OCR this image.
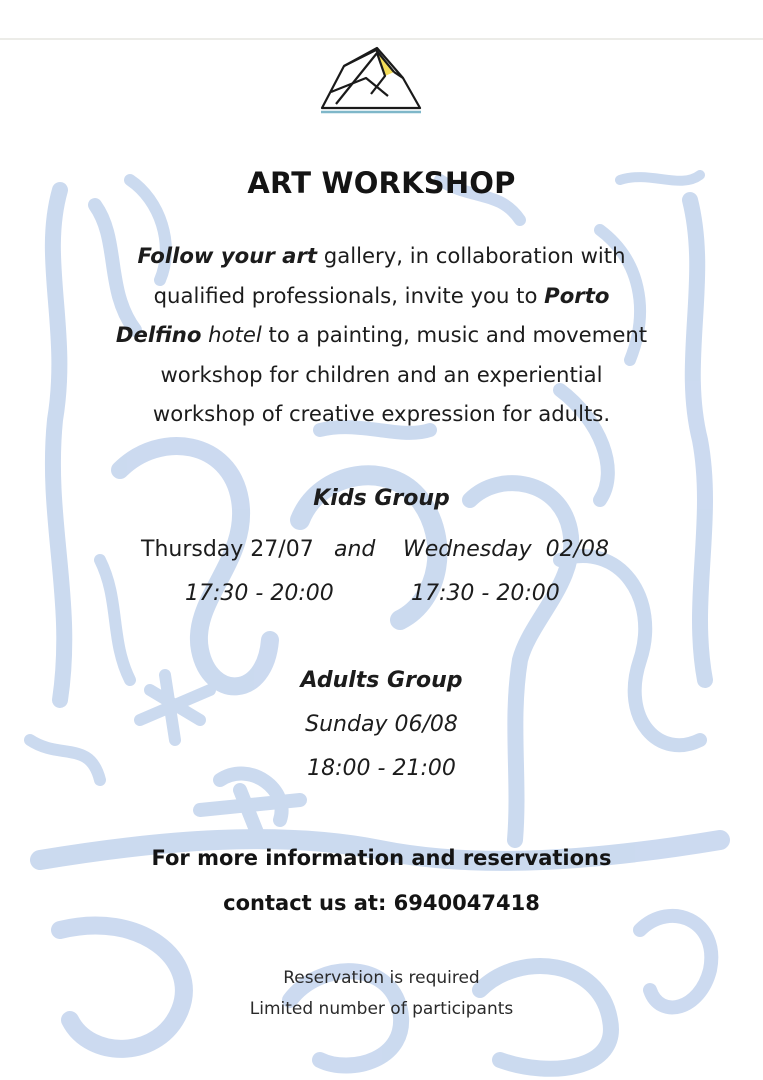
ART WORKSHOP
Follow your art gallery, in collaboration with
qualified professionals, invite you to Porto
Delfino hotel to a painting, music and movement
workshop for children and an experiential
workshop of creative expression for adults.
Kids Group
Thursday 27/07 and Wednesday  02/08
17:30 - 20:00	17:30 - 20:00
Adults Group
Sunday 06/08
18:00 - 21:00
For more information and reservations
contact us at: 6940047418
Reservation is required
Limited number of participants
